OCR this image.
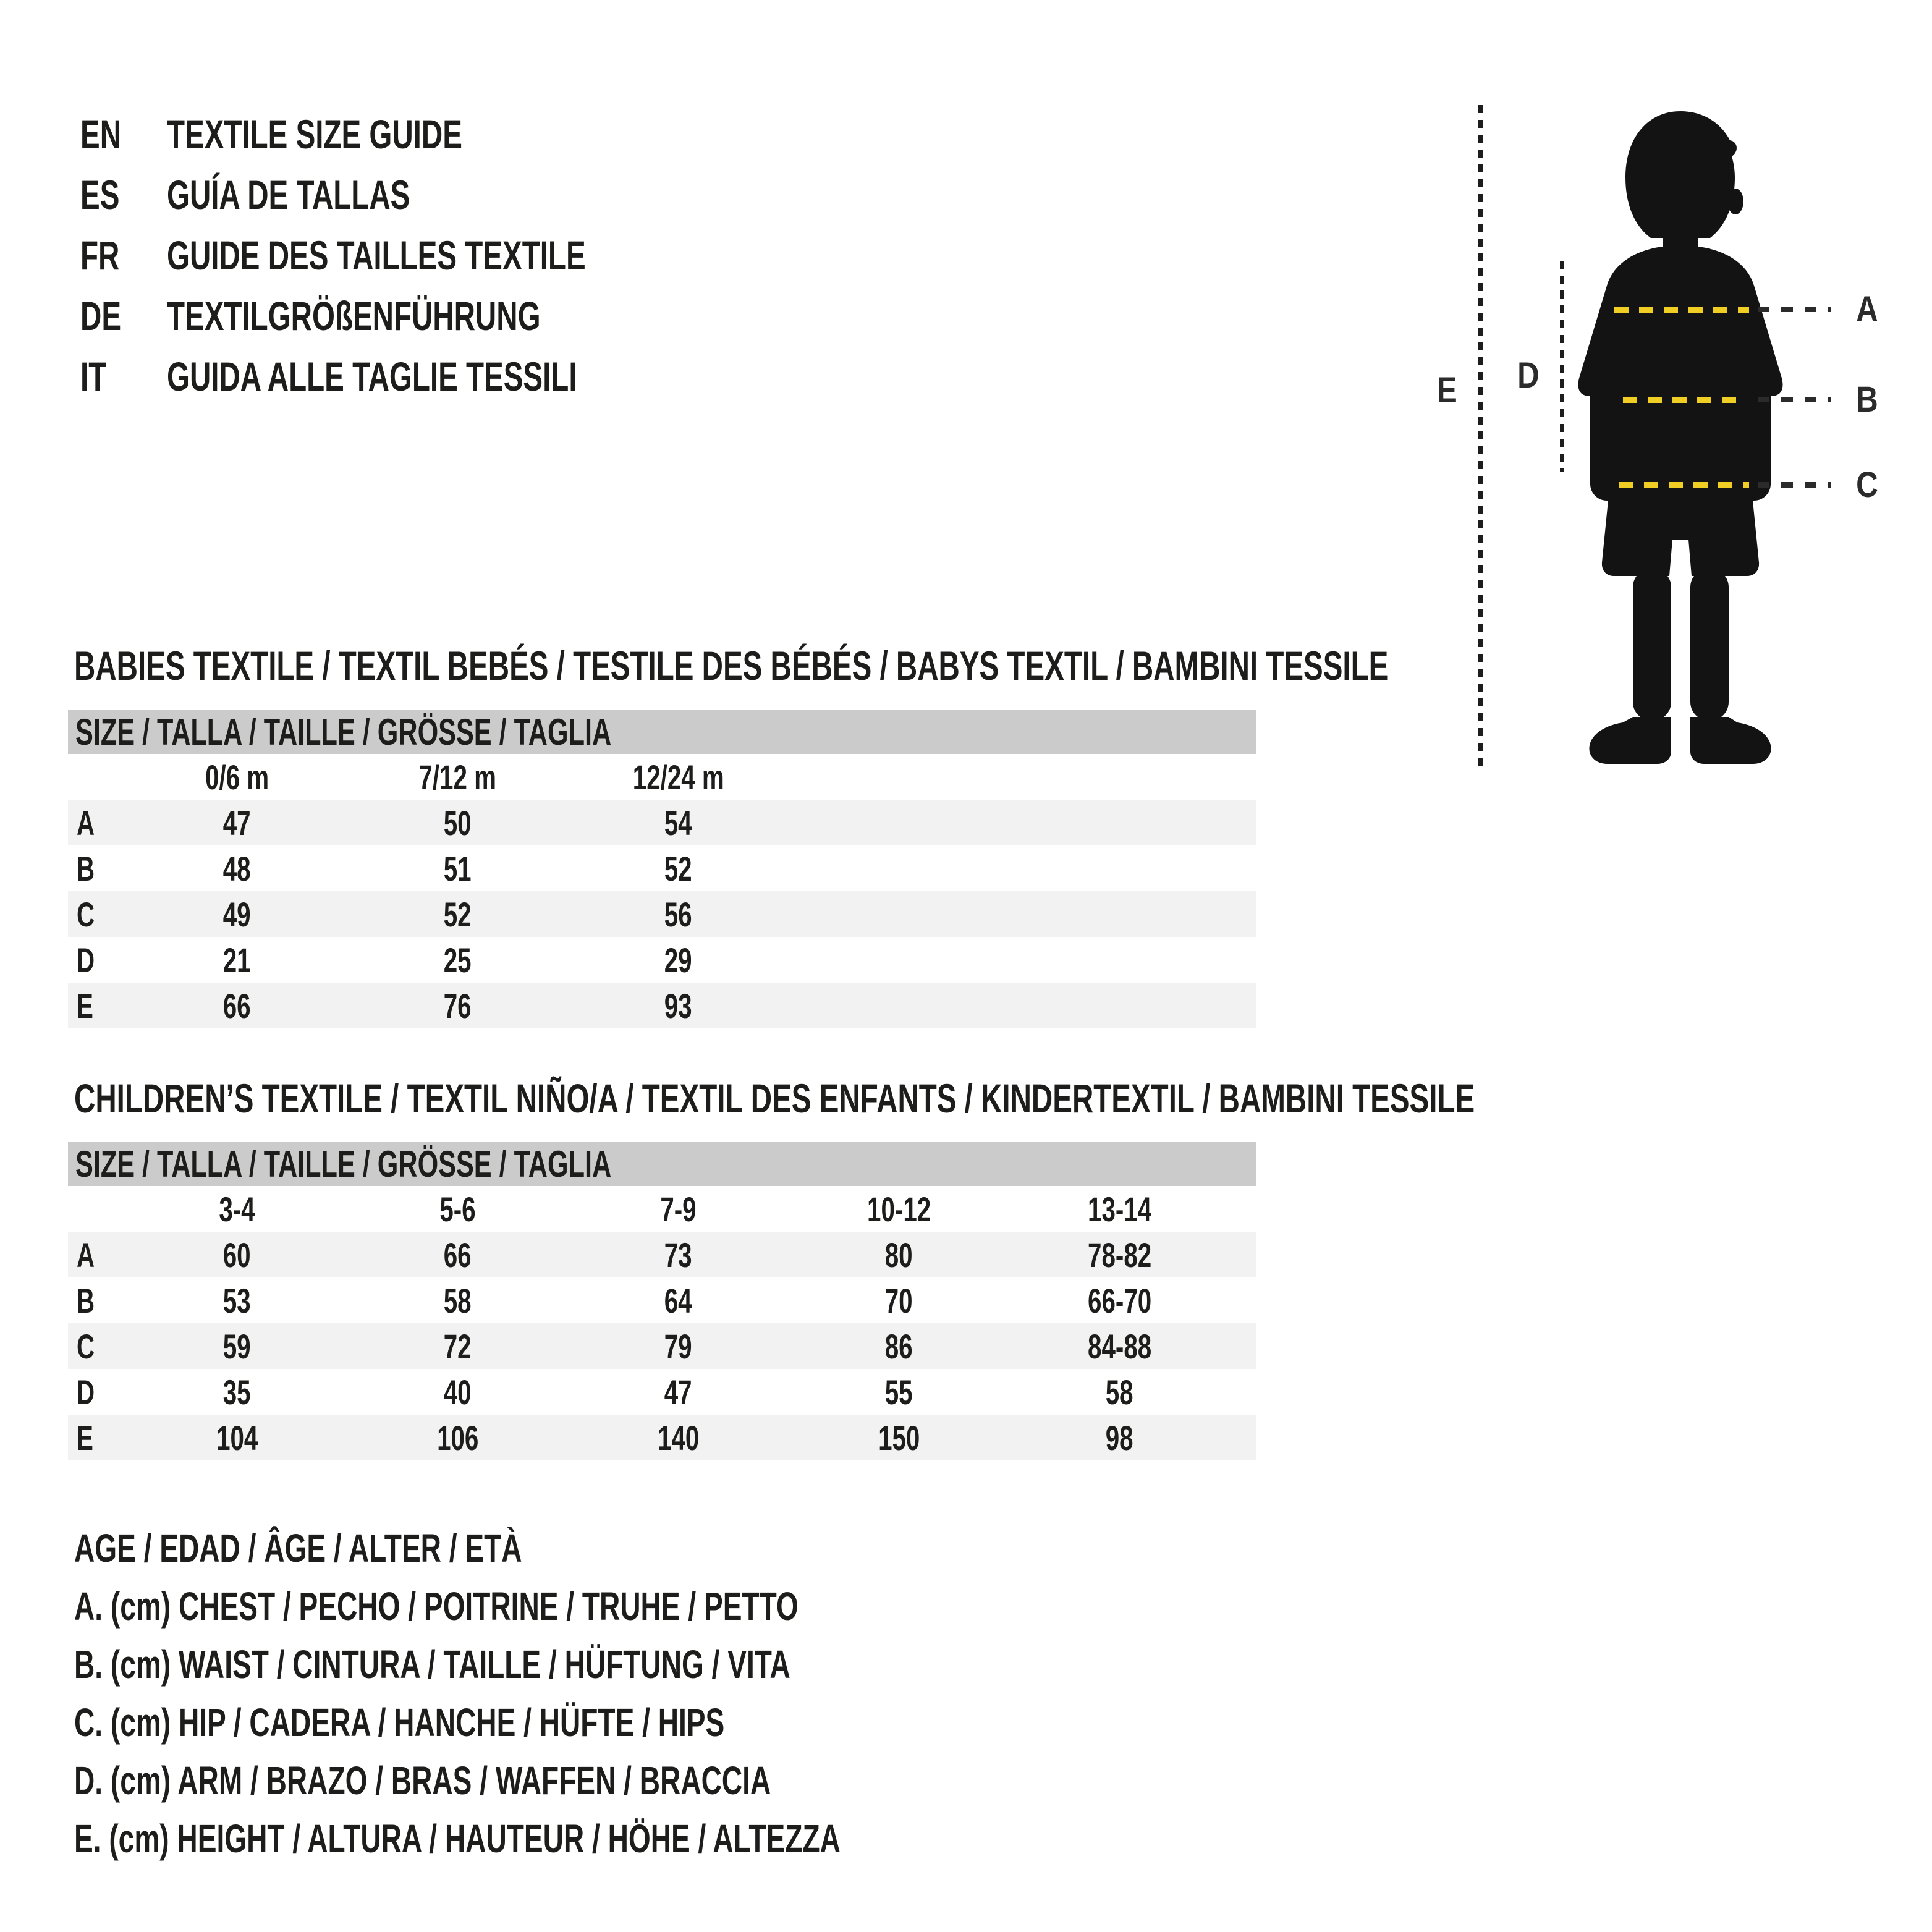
EN	TEXTILE SIZE GUIDE
ES	GUÍA DE TALLAS
FR	GUIDE DES TAILLES TEXTILE
DE	TEXTILGRÖßENFÜHRUNG
IT	GUIDA ALLE TAGLIE TESSILI	E D
A
B
C
BABIES TEXTILE / TEXTIL BEBÉS / TESTILE DES BÉBÉS / BABYS TEXTIL / BAMBINI TESSILE
SIZE / TALLA / TAILLE / GRÖSSE / TAGLIA
0/6 m	7/12 m	12/24 m
A	47	50	54
B	48	51	52
C	49	52	56
D	21	25	29
E	66	76	93
CHILDREN’S TEXTILE / TEXTIL NIÑO/A / TEXTIL DES ENFANTS / KINDERTEXTIL / BAMBINI TESSILE
SIZE / TALLA / TAILLE / GRÖSSE / TAGLIA
3-4	5-6	7-9	10-12	13-14
A	60	66	73	80	78-82
B	53	58	64	70	66-70
C	59	72	79	86	84-88
D	35	40	47	55	58
E	104	106	140	150	98
AGE / EDAD / ÂGE / ALTER / ETÀ
A. (cm) CHEST / PECHO / POITRINE / TRUHE / PETTO
B. (cm) WAIST / CINTURA / TAILLE / HÜFTUNG / VITA
C. (cm) HIP / CADERA / HANCHE / HÜFTE / HIPS
D. (cm) ARM / BRAZO / BRAS / WAFFEN / BRACCIA
E. (cm) HEIGHT / ALTURA / HAUTEUR / HÖHE / ALTEZZA
